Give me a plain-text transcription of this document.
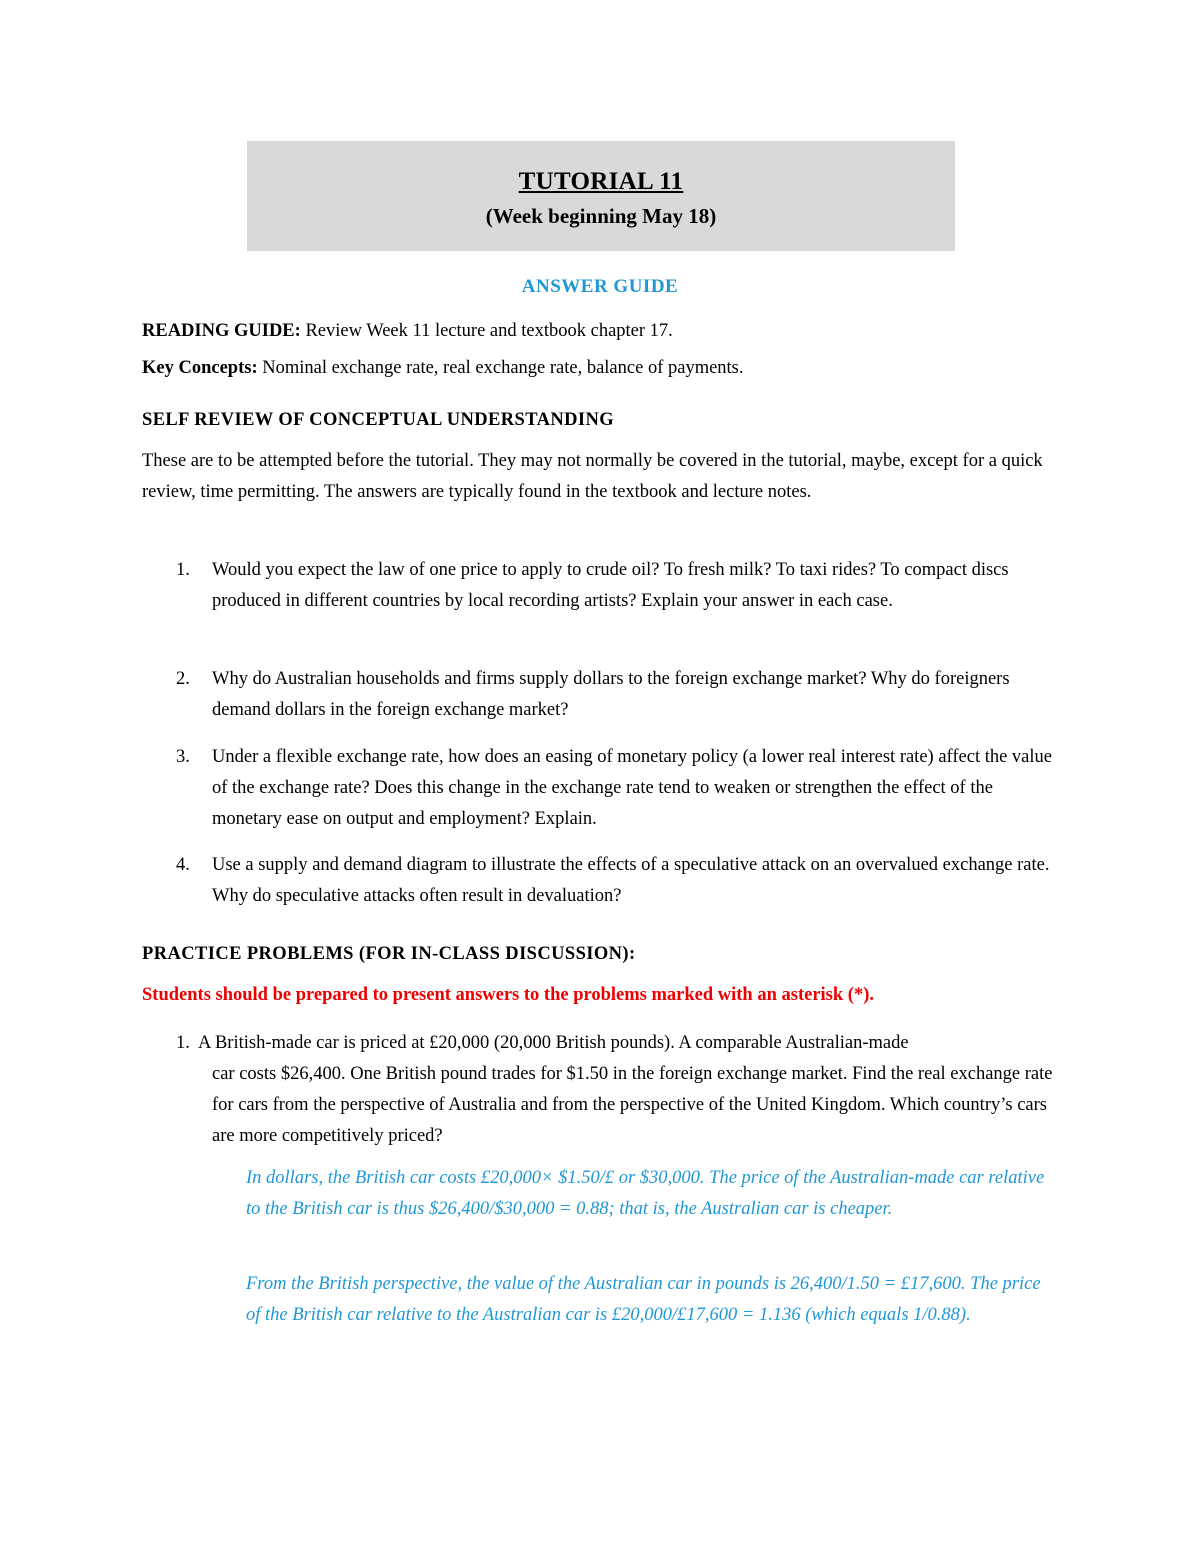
TUTORIAL 11
(Week beginning May 18)
ANSWER GUIDE
READING GUIDE: Review Week 11 lecture and textbook chapter 17.
Key Concepts: Nominal exchange rate, real exchange rate, balance of payments.
SELF REVIEW OF CONCEPTUAL UNDERSTANDING
These are to be attempted before the tutorial. They may not normally be covered in the tutorial, maybe, except for a quick review, time permitting. The answers are typically found in the textbook and lecture notes.
1.	Would you expect the law of one price to apply to crude oil? To fresh milk? To taxi rides? To compact discs produced in different countries by local recording artists? Explain your answer in each case.
2.	Why do Australian households and firms supply dollars to the foreign exchange market? Why do foreigners demand dollars in the foreign exchange market?
3.	Under a flexible exchange rate, how does an easing of monetary policy (a lower real interest rate) affect the value of the exchange rate? Does this change in the exchange rate tend to weaken or strengthen the effect of the monetary ease on output and employment? Explain.
4.	Use a supply and demand diagram to illustrate the effects of a speculative attack on an overvalued exchange rate. Why do speculative attacks often result in devaluation?
PRACTICE PROBLEMS (FOR IN-CLASS DISCUSSION):
Students should be prepared to present answers to the problems marked with an asterisk (*).
1. A British-made car is priced at £20,000 (20,000 British pounds). A comparable Australian-made
car costs $26,400. One British pound trades for $1.50 in the foreign exchange market. Find the real exchange rate for cars from the perspective of Australia and from the perspective of the United Kingdom. Which country’s cars are more competitively priced?
In dollars, the British car costs £20,000× $1.50/£ or $30,000. The price of the Australian-made car relative to the British car is thus $26,400/$30,000 = 0.88; that is, the Australian car is cheaper.
From the British perspective, the value of the Australian car in pounds is 26,400/1.50 = £17,600. The price of the British car relative to the Australian car is £20,000/£17,600 = 1.136 (which equals 1/0.88).
